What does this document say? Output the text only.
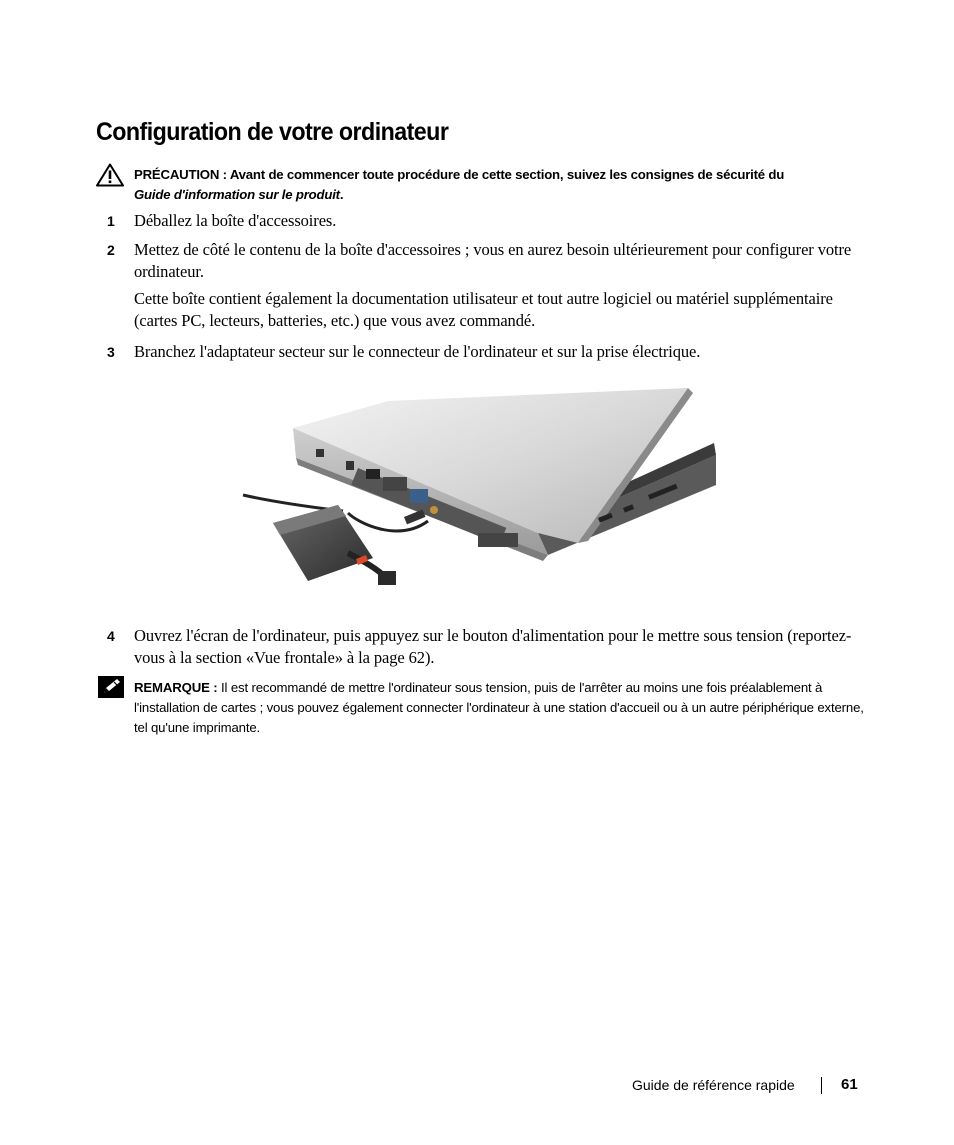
Configuration de votre ordinateur
PRÉCAUTION : Avant de commencer toute procédure de cette section, suivez les consignes de sécurité du
Guide d'information sur le produit.
1 Déballez la boîte d'accessoires.
2 Mettez de côté le contenu de la boîte d'accessoires ; vous en aurez besoin ultérieurement pour configurer votre ordinateur.
Cette boîte contient également la documentation utilisateur et tout autre logiciel ou matériel supplémentaire (cartes PC, lecteurs, batteries, etc.) que vous avez commandé.
3 Branchez l'adaptateur secteur sur le connecteur de l'ordinateur et sur la prise électrique.
4 Ouvrez l'écran de l'ordinateur, puis appuyez sur le bouton d'alimentation pour le mettre sous tension (reportez-vous à la section «Vue frontale» à la page 62).
REMARQUE : Il est recommandé de mettre l'ordinateur sous tension, puis de l'arrêter au moins une fois préalablement à l'installation de cartes ; vous pouvez également connecter l'ordinateur à une station d'accueil ou à un autre périphérique externe, tel qu'une imprimante.
Guide de référence rapide	61
